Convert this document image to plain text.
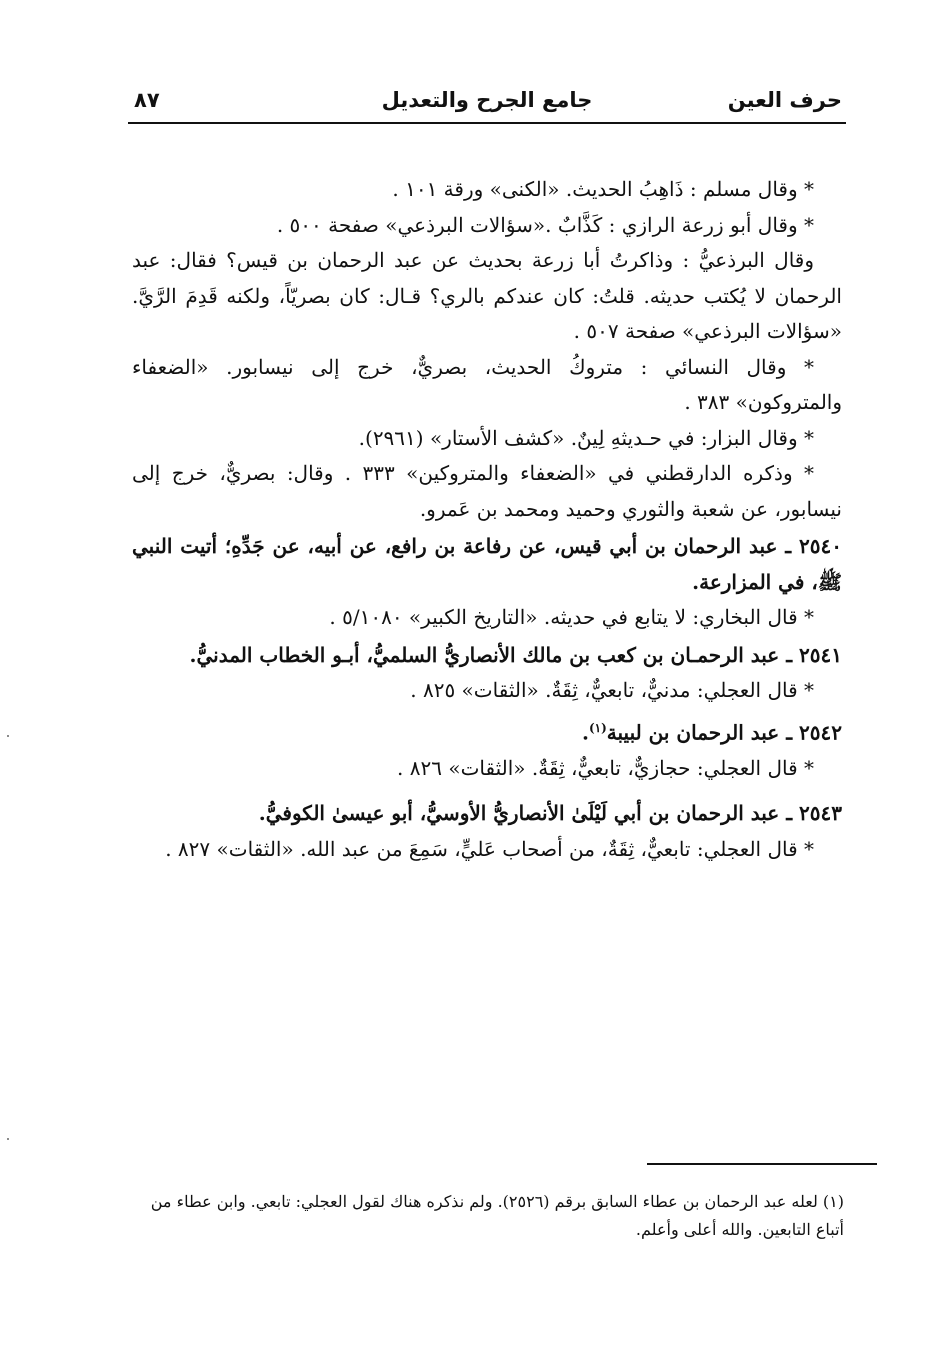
حرف العين
جامع الجرح والتعديل
٨٧

* وقال مسلم : ذَاهِبُ الحديث. «الكنى» ورقة ١٠١ .

* وقال أبو زرعة الرازي : كَذَّابٌ .«سؤالات البرذعي» صفحة ٥٠٠ .

وقال البرذعيُّ : وذاكرتُ أبا زرعة بحديث عن عبد الرحمان بن قيس؟ فقال: عبد الرحمان لا يُكتب حديثه. قلتُ: كان عندكم بالري؟ قـال: كان بصريّاً، ولكنه قَدِمَ الرَّيَّ. «سؤالات البرذعي» صفحة ٥٠٧ .

* وقال النسائي : متروكُ الحديث، بصريٌّ، خرج إلى نيسابور. «الضعفاء والمتروكون» ٣٨٣ .

* وقال البزار: في حـديثهِ لِينٌ. «كشف الأستار» (٢٩٦١).

* وذكره الدارقطني في «الضعفاء والمتروكين» ٣٣٣ . وقال: بصريٌّ، خرج إلى نيسابور، عن شعبة والثوري وحميد ومحمد بن عَمرو.

٢٥٤٠ ـ عبد الرحمان بن أبي قيس، عن رفاعة بن رافع، عن أبيه، عن جَدِّهِ؛ أتيت النبي ﷺ، في المزارعة.

* قال البخاري: لا يتابع في حديثه. «التاريخ الكبير» ٥/١٠٨٠ .

٢٥٤١ ـ عبد الرحمـان بن كعب بن مالك الأنصاريُّ السلميُّ، أبـو الخطاب المدنيُّ.

* قال العجلي: مدنيٌّ، تابعيٌّ، ثِقَةٌ. «الثقات» ٨٢٥ .

٢٥٤٢ ـ عبد الرحمان بن لبيبة$^{(١)}$.

* قال العجلي: حجازيٌّ، تابعيٌّ، ثِقَةٌ. «الثقات» ٨٢٦ .

٢٥٤٣ ـ عبد الرحمان بن أبي لَيْلَىٰ الأنصاريُّ الأوسيُّ، أبو عيسىٰ الكوفيُّ.

* قال العجلي: تابعيٌّ، ثِقَةٌ، من أصحاب عَليٍّ، سَمِعَ من عبد الله. «الثقات» ٨٢٧ .

(١) لعله عبد الرحمان بن عطاء السابق برقم (٢٥٢٦). ولم نذكره هناك لقول العجلي: تابعي. وابن عطاء من أتباع التابعين. والله أعلى وأعلم.
